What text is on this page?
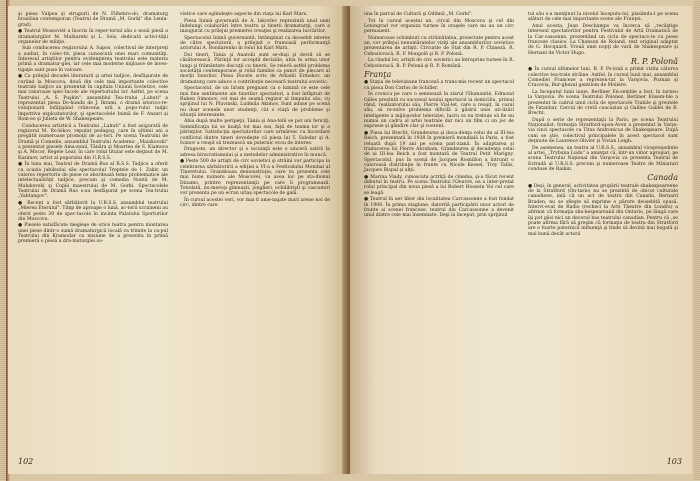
şi piesa Vulpea şi strugurii de N. Filhebro-do, dramaturg brazilian contemporan (Teatrul de Dramă „M. Gorki" din Lenin-grad).

● Teatrul Mossovièt a înscris în reper-toriul său o nouă piesă a dramaturgilor M. Malüareki şi L. Seis, dedicată activi-tăţii organelor de miliţie.

Sub conducerea regizorului A. Sapos, colectivul de interpreţi a audiat, în colec-tiv, piesa cunoscută unei mari comunităţi. Interesul artiştilor pentru evidenţierea teatrului este materia primă a dramatur-giei, iar cele mai moderne mijloace de inves-tigaţie sunt puse în valoare.

● Ca prilejul decadei literaturii şi artei tadjice, desfăşurate de curând la Moscova, două din cele mai importante colective teatrale tadjice au prezentat în capitala Uniunii Sovietice, cele mai valoroase spec-tacole ale repertoriului lor. Astfel, pe scena Teatrului „A. S. Puşkin", ansamblul Tea-trului „Lahuti" a reprezentat piesa Do-hunda de J. Ikrami, o dramă istorico-re-voluţionară înfăţişând crâncena ură a popo-rului tadjic împotriva exploatatorilor, şi spectacolele Inimă de F. Ansari şi Rom-eo şi Julieta de W. Shakespeare.

Conducerea artistică a Teatrului „Lahuti" a fost asigurată de regizorul M. Ro-bikov, reputat pedagog, care în ultimii ani a pregătit numeroase promoţii de ac-tori. Pe scena Teatrului de Dramă şi Comedie, ansamblul Teatrului Academic „Maiakovski" a prezentat piesele Ama-zonii, Tânăra şi Moartea de S. Kiamova şi A. Mocor, Regele Lear, în care rolul titular este deţinut de M. Kasimov, artist al poporului din U.R.S.S.

● În luna mai, Teatrul de Dramă Rus al R.S.S. Tadjice a oferit cu ocazia jubileului său spectacolul Treptele de I. Zakir, un valoros repertoriu de piese ce abordează teme problematice ale intelectualităţii tadjice, precum şi comedia Nuntă de M. Malukovski şi Copiii maestrului de M. Gorki. Spectacolele Teatrului de Dramă Rus s-au desfăşurat pe scena Tea-trului „Vahtangov".

● Recent a fost sărbătorit la U.R.S.S. ansamblul teatrului „Mierea Eterului". Timp de aproape o lună, ac-torii ucraineni au oferit peste 30 de spec-tacole în incinta Palatului Sporturilor din Moscova.

● Piesele satisfăcute megieşe de orice teatru pentru montarea unei piese dintr-o sumă dramaturgică locală va trimite la ca-pul Teatrului din Kramodar ca misiune de a prezenta în primă premieră o piesă a dra-maturgiei so-

vietice care oglindeşte aspecte din viaţa lui Karl Marx.

Piesa Inimă guvernată de A. Iakovlev reprezintă unul unei îndelungi colaborări între teatru şi tinerii dramaturgi, care a inaugurat cu prilejul premierei creaţiei şi realizarea lucrărilor.

Spectacolul Inimă guvernantă, întâmpinat cu deosebit interes de către spectatorii, a prilejuit o frumoasă performanţă actorului A. Bondarenko în rolul lui Karl Marx.

Doi tineri, Tania şi Anatolii sunt se-duşi şi decid să se căsătorească. Părinţii lor acceptă deciziile, abia în urma unor lungi şi frământate discuţii cu tinerii. Se relevă astfel problema societăţii contemporane şi rolul familiei ca punct de plecare al morţii tinerilor. Piesa Ducele scris de Arkadii Ermakov, un dramaturg care aduce o contribuţie necesară teatrului sovietic.

Spectacolul, de un lirism pregnant ca o lumină ce este cele mai fine sentimente ale tinerilor spectatori, a fost înfăptuit de Ruben Simonov, cel mai de seamă regizor al timpului său, cu sprijinul lui N. Pluvinski, Ludmila Akimov. Sunt aduse pe scenă nu doar scenele unor studenţi, cât o viaţă de probleme şi situaţii interesante.

Abia după multe peripeţii, Tania şi Ana-tolii se pot uni fericiţi. Semnificaţia lui se înalţă tot mai sus, faţă de teama lor şi a părinţilor. Satisfacţia spectatorilor care urmăresc cu încordare conflictul dintre tineri dovedeşte că piesa lui T. Solodar şi A. Ivanov a reuşit să trezească un puternic ecou de interes.

Dragoste, un director şi o locuinţă este o sinceră satiră la adresa birocratismului şi a metodelor administrative în muncă.

● Peste 500 de artişti de circ sovietici şi străini vor participa la celebrarea sărbătoririi a ediţiei a VI-a a Festivalului Mondial al Tineretului. Grandioasa demonstraţie, care va prezenta cele mai bune numere ale Moscovei, va avea loc pe sta-dionul Dinamo, printre reprezentanţii pe care îi programează. Totodată, nu-meroşi gimnaşti, jonglieri, echilibrişti şi cascadori vor prezenta pe un ecran uriaş spectacole de gală.

În cursul acestei veri, vor mai fi ame-najate mari arene noi de circ, dintre care

102

una în parcul de Cultură şi Odihnă „M. Gorki".

Tot în cursul acestui an, circul din Moscova şi cel din Leningrad vor organiza turnee în oraşele care nu au un circ permanent.

Numeroase schimburi cu străinătatea, proiectate pentru acest an, vor prilejui nenumăratelor viziţi ale ansamblurilor sovietice prezentarea de artişti. Circurile de Stat din R. P. Chineză, R. Cehoslovacă, R. P. Mongolă şi R. P. Polonă.

La rândul lor, artişti de circ sovietici au întreprins turnee în R. Cehoslovacă, R. P. Polonă şi R. P. Română.

Franţa

● Staţia de televiziune franceză a trans-mis recent un spectacol cu piesa Don Carlos de Schiller.

În cronica pe care o semnează în ziarul l'Humanité, Edmond Gilles prezintă cu succesul noului spectacol la domiciliu, primul rând, realizatorului său, Pierre Vial-let, care a reuşit, în cazul său, să re-zolve problema dificilă a găsirii unei uti-lizări inteligente a mijloacelor televiziei, lucru ce nu trebuie să fie nu numai un cadru al artei teatrale dar nici un film ci un joc de expresie şi gândire clar şi coerent.

● Piesa lui Brecht, Grandeurea şi deca-denţa celui de al III-lea Reich, prezentată în 1938 în premieră mondială la Paris, a fost reluată după 19 ani pe scena pari-ziană. În adaptarea şi traducerea lui Pierre Abraham, Grandeurea şi decadenţa celui de al III-lea Reich a fost montată de Teatrul Petit Marigny. Spectacolul, pus în scenă de Jacques Rosnillon a întrunit o valoroasă distribuţie în frunte cu Nicole Kessel, Troy Tallis, Jacques Rispal şi alţii.

● Marina Vlady, cunoscuta actriţă de cinema, şi-a făcut recent debutul în teatru. Pe scena Teatrului l'Oeuvre, ea a inter-pretat rolul principal din noua piesă a lui Robert Hossein Voi cel care se leagă.

● Teatrul în aer liber din localitatea Carcassonne a fost fondat în 1908. În prima stagiune, datorită participării unor actori de frunte ai scenei franceze, teatrul din Carcassonne a devenit unul dintre cele mai însemnate. Deşi la început, prin sprijinul

tul său s-a menţinut la nivelul începutu-lui, plasându-l pe scena alături de cele mai importante scene ale Franţei.

Anul acesta, Jean Deschamps va încerca să „recâştige interesul spectatorilor pentru Festivalul de Artă Dramatică de la Car-cassonne, prezentând un ciclu de spectaco-le cu piese franceze clasice. La Chanson de Roland, text original adaptat de G. Hocquard. Vrouă unei nopţi de vară de Shakespeare şi Hernani de Victor Hugo.

R. P. Polonă

● În cursul ultimelor luni, R. P. Po-lonă a primit vizita câtorva colective tea-trale străine. Astfel, în cursul lunii mai, ansamblul Comediei Franceze a reprezen-tat la Varşovia, Poznan şi Cracovia, Bur-ghezul gentilom de Molière.

La începutul lunii iunie, Berliner En-semble a fost, în turneu la Varşovia. Pe scena Teatrului Polonez, Berliner Ensem-ble a prezentat în cadrul unui ciclu de spectacole Trabile şi greutele de Fatanhar, Cercul de cretă caucazian şi Galileo Galilei de B. Brecht.

După o serie de reprezentaţii la Paris, pe scena Teatrului Naţionalist, formaţia Stratford-upon-Avon a prezentat la Varşo-via cinci spectacole cu Titus Andronicus de Shakespeare. După cum se ştie, colectivul principalele în acest spectacol sunt deţinute de Laurence Olivier şi Vivian Leigh.

De asemenea, un teatru al U.R.S.S., ansamblul vicepreşedinte al artei, „Trybuna Ludu" a anunţat că, într-un viitor apropiat, pe scena Teatrului Naţional din Varşovia va prezenta Teatrul de Estradă al U.R.S.S. precum şi numeroase Teatre de Miniaturi conduse de Raikin.

Canada

● Deşi, în general, activitatea grupării teatrale shakespeareene de la Stratford (On-tario) nu se prezintă de obicei culturale canadiene, iată că un act de teatru din Canada, Bernard Braden, nu se sfieşte să exprime o părere deosebită opusă. Intervi-evat de Radio (recheci la Arts Theatre din Londra) a afirmat că formaţia sha-kespeareană din Ontario, pe lângă care îşi pot găsi nici un decorul bas teatrului canadian. Pentru că „se poate afirma fără să greşim că formaţia de teatru din Stratford are o foarte puternică influenţă şi tinde să devină mai bogată şi mai bună decât actorii

103
